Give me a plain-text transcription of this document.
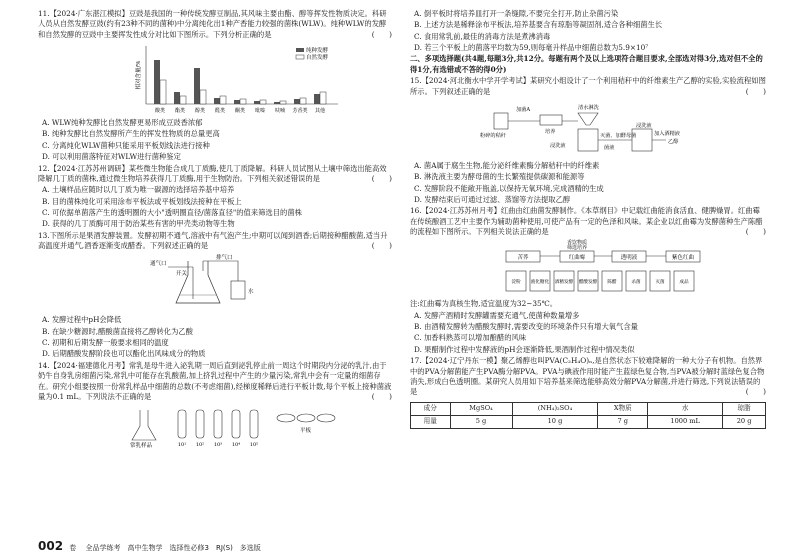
11.【2024·广东湛江模拟】豆豉是我国的一种传统发酵豆制品,其风味主要由酯、醇等挥发性物质决定。科研人员从自然发酵豆豉(约有23种不同的菌种)中分离纯化出1种产香能力较强的菌株(WLW)。纯种WLW的发酵和自然发酵的豆豉中主要挥发性成分对比如下图所示。下列分析正确的是	(　　)

相对含量/%
纯种发酵
自然发酵
酸类 酯类 醇类 醛类 酮类 吡嗪 呋喃 芳香类 其他

A. WLW纯种发酵比自然发酵更易形成豆豉香浓郁

B. 纯种发酵比自然发酵所产生的挥发性物质的总量更高

C. 分离纯化WLW菌种只能采用平板划线法进行接种

D. 可以利用菌落特征对WLW进行菌种鉴定

12.【2024·江苏苏州调研】某些微生物能合成几丁质酶,使几丁质降解。科研人员试图从土壤中筛选出能高效降解几丁质的菌株,通过微生物培养获得几丁质酶,用于生物防治。下列相关叙述错误的是	(　　)

A. 土壤样品应随时以几丁质为唯一碳源的选择培养基中培养

B. 目的菌株纯化可采用涂布平板法或平板划线法接种在平板上

C. 可依据单菌落产生的透明圈的大小"透明圈直径/菌落直径"的值来筛选目的菌株

D. 获得的几丁质酶可用于防治某些有害的甲壳类动物等生物

13.下图所示是果酒发酵装置。发酵初期不通气,溶液中有气泡产生;中期可以闻到酒香;后期接种醋酸菌,适当升高温度并通气,酒香逐渐变成醋香。下列叙述正确的是	(　　)

通气口
开关
排气口
水

A. 发酵过程中pH会降低

B. 在缺少糖源时,醋酸菌直接将乙醇转化为乙酸

C. 初期和后期发酵一般要求相同的温度

D. 后期醋酸发酵阶段也可以酯化出风味成分的物质

14.【2024·福建德化月考】常乳是母牛进入泌乳期一周后直到泌乳停止前一周这个时期段内分泌的乳汁,由于奶牛自身乳房细菌污染,常乳中可能存在乳酸菌,加上挤乳过程中产生的少量污染,常乳中会有一定量的细菌存在。研究小组要按照一份常乳样品中细菌的总数(不考虑细菌),经梯度稀释后进行平板计数,每个平板上接种菌液量为0.1 mL。下列说法不正确的是	(　　)

10¹ 10² 10³ 10⁴ 10⁵
常乳样品
平板

A. 倒平板时将培养皿打开一条缝隙,不要完全打开,防止杂菌污染

B. 上述方法是稀释涂布平板法,培养基要含有琼脂等凝固剂,适合各种细菌生长

C. 食用常乳前,最佳的消毒方法是煮沸消毒

D. 若三个平板上的菌落平均数为59,则每毫升样品中细菌总数为5.9×10⁷

二、多项选择题(共4题,每题3分,共12分。每题有两个及以上选项符合题目要求,全部选对得3分,选对但不全的得1分,有选错或不答的得0分)

15.【2024·河北衡水中学开学考试】某研究小组设计了一个利用秸秆中的纤维素生产乙醇的实验,实验流程如图所示。下列叙述正确的是	(　　)

粉碎的秸秆
加菌A
培养
清水淋洗
浸洗液
浸洗液
灭菌、加酵母菌
菌液
加入酒精液
乙醇

A. 菌A属于腐生生物,能分泌纤维素酶分解秸秆中的纤维素

B. 淋洗液主要为酵母菌的生长繁殖提供碳源和能源等

C. 发酵阶段不能敞开瓶盖,以保持无氧环境,完成酒精的生成

D. 发酵结束后可通过过滤、蒸馏等方法提取乙醇

16.【2024·江苏苏州月考】红曲由红曲菌发酵制作。《本草纲目》中记载红曲能消食活血、健脾燥胃。红曲霉在传统酿酒工艺中主要作为辅助菌种使用,可使产品有一定的色泽和风味。某企业以红曲霉为发酵菌种生产陈醋的流程如下图所示。下列相关说法正确的是	(　　)

苦荞	红曲霉	透明液	紫色红曲
香饮物质
筛选培养
淀粉 液化糖化 酒精发酵 醋酸发酵 陈醋	杀菌	灭菌	成品

注:红曲霉为真核生物,适宜温度为32~35℃。

A. 发酵产酒精时发酵罐需要充通气,使菌种数量增多

B. 由酒精发酵转为醋酸发酵时,需要改变的环境条件只有增大氧气含量

C. 加香料熟蒸可以增加酿醋的风味

D. 果醋制作过程中发酵液的pH会逐渐降低,果酒制作过程中情况类似

17.【2024·辽宁丹东一模】聚乙烯醇也叫PVA(C₂H₄O)ₙ,是自然状态下较难降解的一种大分子有机物。自然界中的PVA分解菌能产生PVA酶分解PVA。PVA与碘液作用时能产生蓝绿色复合物,当PVA被分解时蓝绿色复合物消失,形成白色透明圈。某研究人员用如下培养基来筛选能够高效分解PVA分解菌,并进行筛选,下列说法错误的是	(　　)

成分	MgSO₄	(NH₄)₂SO₄	X物质	水	琼脂
用量	5 g	10 g	7 g	1000 mL	20 g
002 卷 　全品学练考　高中生物学　选择性必修3　RJ(S)　多选版
